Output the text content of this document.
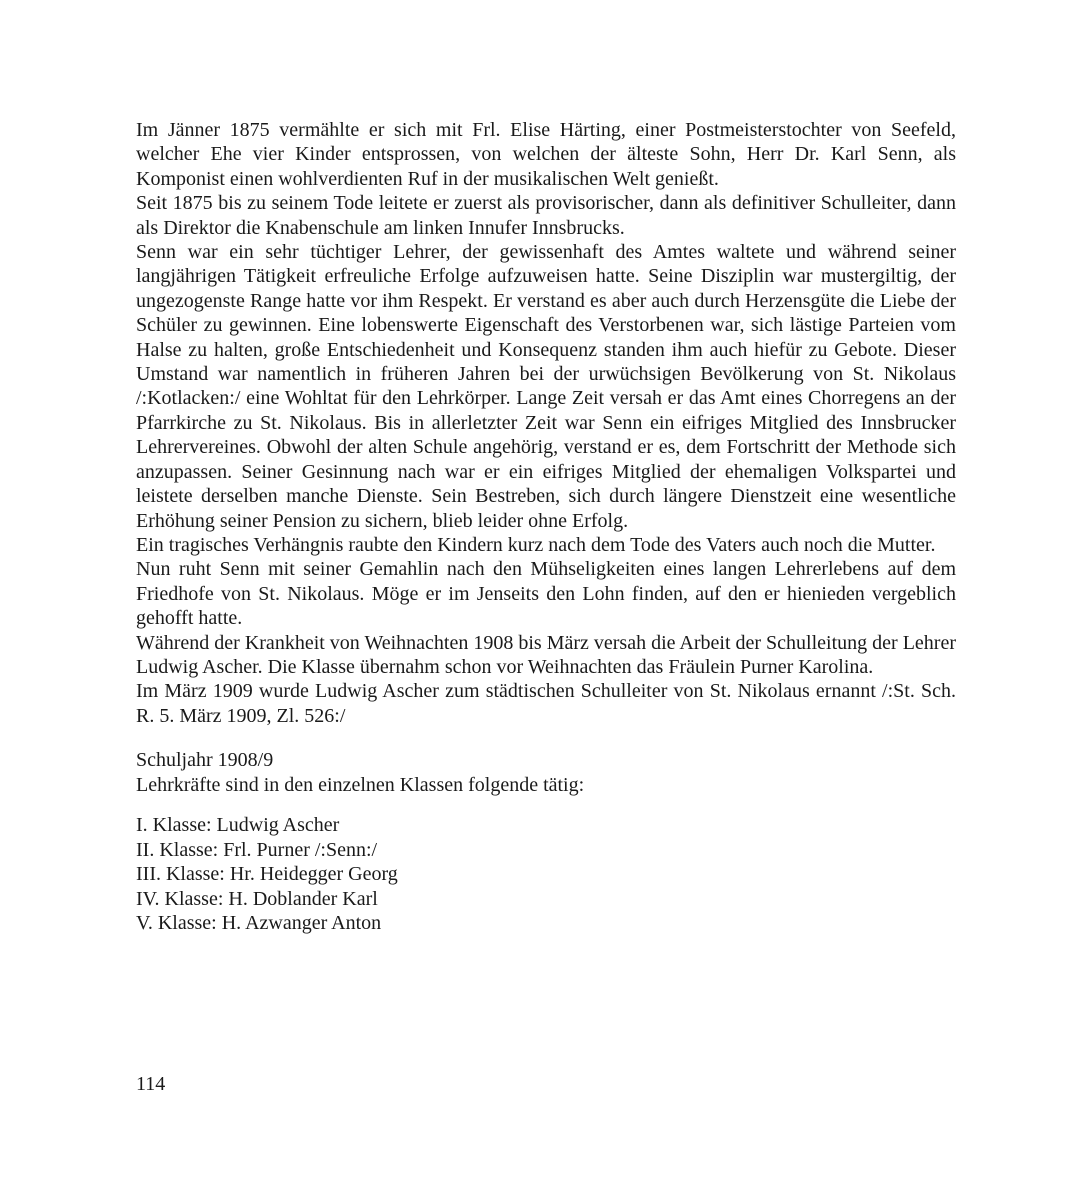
Im Jänner 1875 vermählte er sich mit Frl. Elise Härting, einer Postmeisterstochter von Seefeld, welcher Ehe vier Kinder entsprossen, von welchen der älteste Sohn, Herr Dr. Karl Senn, als Komponist einen wohlverdienten Ruf in der musikalischen Welt genießt.

Seit 1875 bis zu seinem Tode leitete er zuerst als provisorischer, dann als definitiver Schulleiter, dann als Direktor die Knabenschule am linken Innufer Innsbrucks.

Senn war ein sehr tüchtiger Lehrer, der gewissenhaft des Amtes waltete und während seiner langjährigen Tätigkeit erfreuliche Erfolge aufzuweisen hatte. Seine Disziplin war mustergiltig, der ungezogenste Range hatte vor ihm Respekt. Er verstand es aber auch durch Herzensgüte die Liebe der Schüler zu gewinnen. Eine lobenswerte Eigenschaft des Verstorbenen war, sich lästige Parteien vom Halse zu halten, große Entschiedenheit und Konsequenz standen ihm auch hiefür zu Gebote. Dieser Umstand war namentlich in früheren Jahren bei der urwüchsigen Bevölkerung von St. Nikolaus /:Kotlacken:/ eine Wohltat für den Lehrkörper. Lange Zeit versah er das Amt eines Chorregens an der Pfarrkirche zu St. Nikolaus. Bis in allerletzter Zeit war Senn ein eifriges Mitglied des Innsbrucker Lehrervereines. Obwohl der alten Schule angehörig, verstand er es, dem Fortschritt der Methode sich anzupassen. Seiner Gesinnung nach war er ein eifriges Mitglied der ehemaligen Volkspartei und leistete derselben manche Dienste. Sein Bestreben, sich durch längere Dienstzeit eine wesentliche Erhöhung seiner Pension zu sichern, blieb leider ohne Erfolg.

Ein tragisches Verhängnis raubte den Kindern kurz nach dem Tode des Vaters auch noch die Mutter.

Nun ruht Senn mit seiner Gemahlin nach den Mühseligkeiten eines langen Lehrerlebens auf dem Friedhofe von St. Nikolaus. Möge er im Jenseits den Lohn finden, auf den er hienieden vergeblich gehofft hatte.

Während der Krankheit von Weihnachten 1908 bis März versah die Arbeit der Schulleitung der Lehrer Ludwig Ascher. Die Klasse übernahm schon vor Weihnachten das Fräulein Purner Karolina.

Im März 1909 wurde Ludwig Ascher zum städtischen Schulleiter von St. Nikolaus ernannt /:St. Sch. R. 5. März 1909, Zl. 526:/

Schuljahr 1908/9

Lehrkräfte sind in den einzelnen Klassen folgende tätig:

I. Klasse: Ludwig Ascher
II. Klasse: Frl. Purner /:Senn:/
III. Klasse: Hr. Heidegger Georg
IV. Klasse: H. Doblander Karl
V. Klasse: H. Azwanger Anton
114
